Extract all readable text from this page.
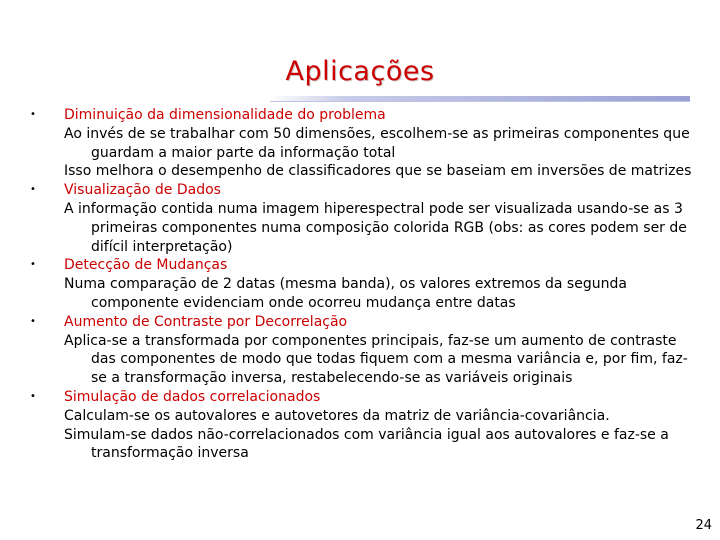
Aplicações
• Diminuição da dimensionalidade do problema
Ao invés de se trabalhar com 50 dimensões, escolhem-se as primeiras componentes que guardam a maior parte da informação total
Isso melhora o desempenho de classificadores que se baseiam em inversões de matrizes
• Visualização de Dados
A informação contida numa imagem hiperespectral pode ser visualizada usando-se as 3 primeiras componentes numa composição colorida RGB (obs: as cores podem ser de difícil interpretação)
• Detecção de Mudanças
Numa comparação de 2 datas (mesma banda), os valores extremos da segunda componente evidenciam onde ocorreu mudança entre datas
• Aumento de Contraste por Decorrelação
Aplica-se a transformada por componentes principais, faz-se um aumento de contraste das componentes de modo que todas fiquem com a mesma variância e, por fim, faz-se a transformação inversa, restabelecendo-se as variáveis originais
• Simulação de dados correlacionados
Calculam-se os autovalores e autovetores da matriz de variância-covariância.
Simulam-se dados não-correlacionados com variância igual aos autovalores e faz-se a transformação inversa
24
